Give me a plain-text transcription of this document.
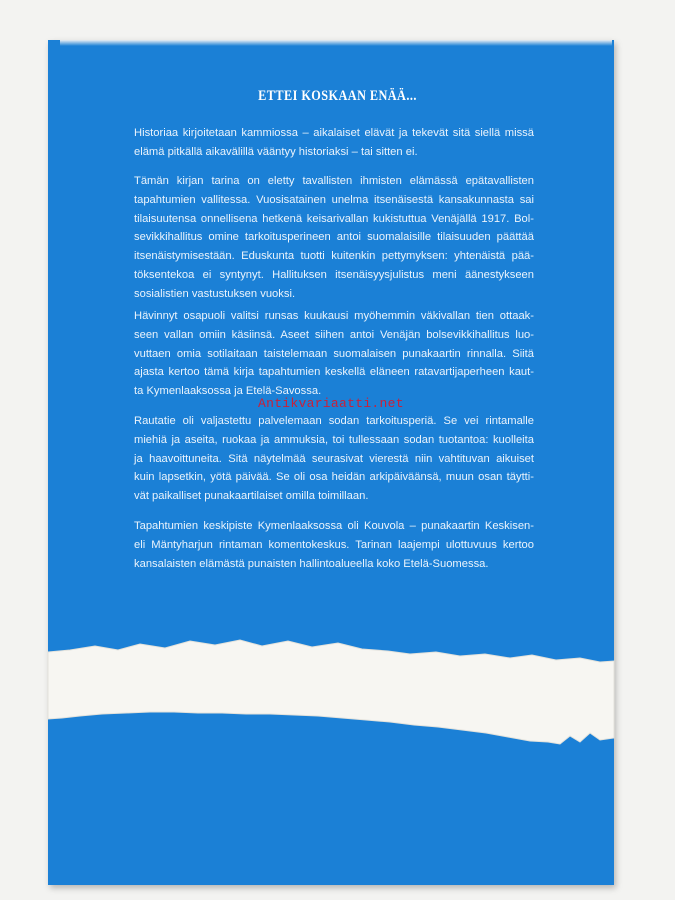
ETTEI KOSKAAN ENÄÄ...
Historiaa kirjoitetaan kammiossa – aikalaiset elävät ja tekevät sitä siellä missä
elämä pitkällä aikavälillä vääntyy historiaksi – tai sitten ei.
Tämän kirjan tarina on eletty tavallisten ihmisten elämässä epätavallisten
tapahtumien vallitessa. Vuosisatainen unelma itsenäisestä kansakunnasta sai
tilaisuutensa onnellisena hetkenä keisarivallan kukistuttua Venäjällä 1917. Bol-
sevikkihallitus omine tarkoitusperineen antoi suomalaisille tilaisuuden päättää
itsenäistymisestään. Eduskunta tuotti kuitenkin pettymyksen: yhtenäistä pää-
töksentekoa ei syntynyt. Hallituksen itsenäisyysjulistus meni äänestykseen
sosialistien vastustuksen vuoksi.
Hävinnyt osapuoli valitsi runsas kuukausi myöhemmin väkivallan tien ottaak-
seen vallan omiin käsiinsä. Aseet siihen antoi Venäjän bolsevikkihallitus luo-
vuttaen omia sotilaitaan taistelemaan suomalaisen punakaartin rinnalla. Siitä
ajasta kertoo tämä kirja tapahtumien keskellä eläneen ratavartijaperheen kaut-
ta Kymenlaaksossa ja Etelä-Savossa.
Rautatie oli valjastettu palvelemaan sodan tarkoitusperiä. Se vei rintamalle
miehiä ja aseita, ruokaa ja ammuksia, toi tullessaan sodan tuotantoa: kuolleita
ja haavoittuneita. Sitä näytelmää seurasivat vierestä niin vahtituvan aikuiset
kuin lapsetkin, yötä päivää. Se oli osa heidän arkipäiväänsä, muun osan täytti-
vät paikalliset punakaartilaiset omilla toimillaan.
Tapahtumien keskipiste Kymenlaaksossa oli Kouvola – punakaartin Keskisen-
eli Mäntyharjun rintaman komentokeskus. Tarinan laajempi ulottuvuus kertoo
kansalaisten elämästä punaisten hallintoalueella koko Etelä-Suomessa.
Antikvariaatti.net
